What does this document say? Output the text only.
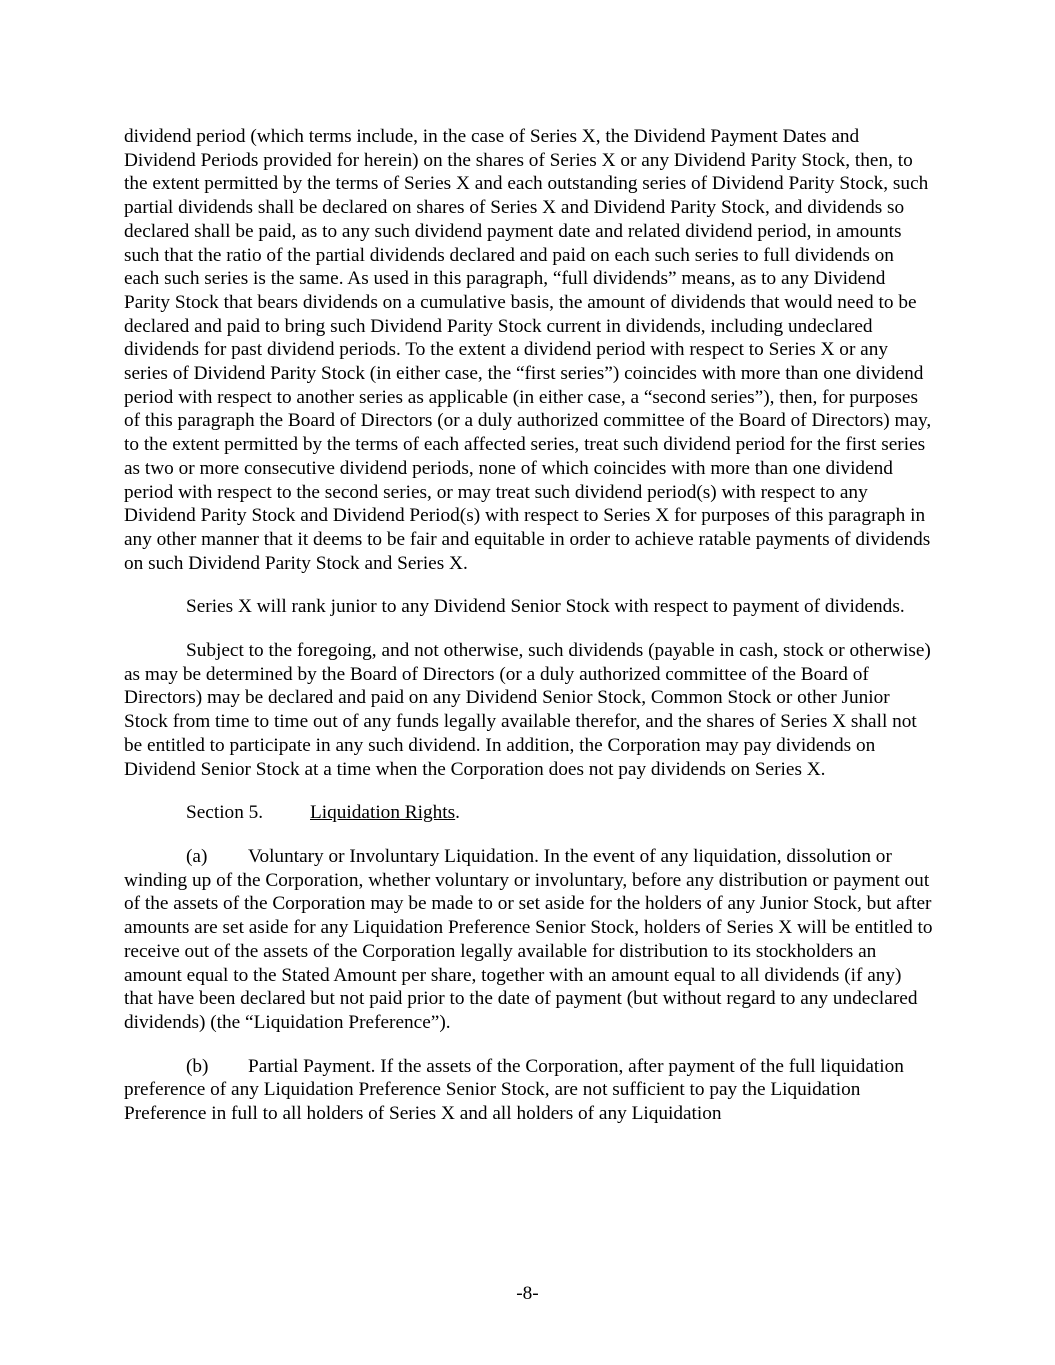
dividend period (which terms include, in the case of Series X, the Dividend Payment Dates and Dividend Periods provided for herein) on the shares of Series X or any Dividend Parity Stock, then, to the extent permitted by the terms of Series X and each outstanding series of Dividend Parity Stock, such partial dividends shall be declared on shares of Series X and Dividend Parity Stock, and dividends so declared shall be paid, as to any such dividend payment date and related dividend period, in amounts such that the ratio of the partial dividends declared and paid on each such series to full dividends on each such series is the same. As used in this paragraph, “full dividends” means, as to any Dividend Parity Stock that bears dividends on a cumulative basis, the amount of dividends that would need to be declared and paid to bring such Dividend Parity Stock current in dividends, including undeclared dividends for past dividend periods. To the extent a dividend period with respect to Series X or any series of Dividend Parity Stock (in either case, the “first series”) coincides with more than one dividend period with respect to another series as applicable (in either case, a “second series”), then, for purposes of this paragraph the Board of Directors (or a duly authorized committee of the Board of Directors) may, to the extent permitted by the terms of each affected series, treat such dividend period for the first series as two or more consecutive dividend periods, none of which coincides with more than one dividend period with respect to the second series, or may treat such dividend period(s) with respect to any Dividend Parity Stock and Dividend Period(s) with respect to Series X for purposes of this paragraph in any other manner that it deems to be fair and equitable in order to achieve ratable payments of dividends on such Dividend Parity Stock and Series X.

Series X will rank junior to any Dividend Senior Stock with respect to payment of dividends.

Subject to the foregoing, and not otherwise, such dividends (payable in cash, stock or otherwise) as may be determined by the Board of Directors (or a duly authorized committee of the Board of Directors) may be declared and paid on any Dividend Senior Stock, Common Stock or other Junior Stock from time to time out of any funds legally available therefor, and the shares of Series X shall not be entitled to participate in any such dividend. In addition, the Corporation may pay dividends on Dividend Senior Stock at a time when the Corporation does not pay dividends on Series X.

Section 5. Liquidation Rights.

(a) Voluntary or Involuntary Liquidation. In the event of any liquidation, dissolution or winding up of the Corporation, whether voluntary or involuntary, before any distribution or payment out of the assets of the Corporation may be made to or set aside for the holders of any Junior Stock, but after amounts are set aside for any Liquidation Preference Senior Stock, holders of Series X will be entitled to receive out of the assets of the Corporation legally available for distribution to its stockholders an amount equal to the Stated Amount per share, together with an amount equal to all dividends (if any) that have been declared but not paid prior to the date of payment (but without regard to any undeclared dividends) (the “Liquidation Preference”).

(b) Partial Payment. If the assets of the Corporation, after payment of the full liquidation preference of any Liquidation Preference Senior Stock, are not sufficient to pay the Liquidation Preference in full to all holders of Series X and all holders of any Liquidation

-8-
